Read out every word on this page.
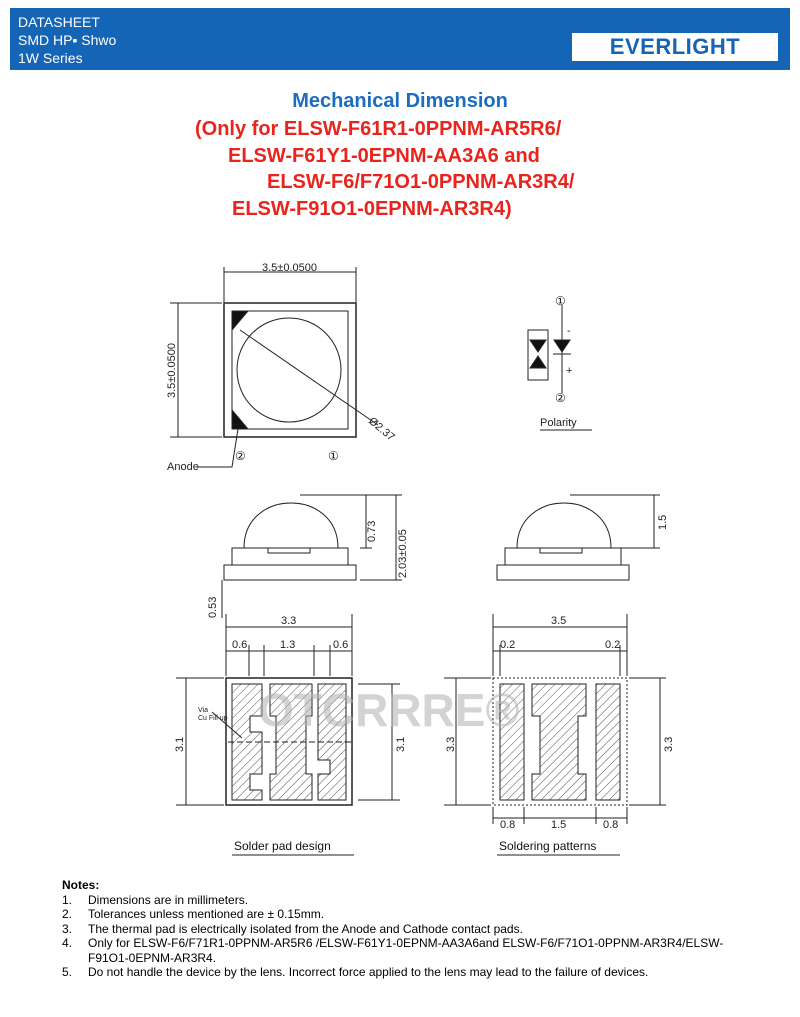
DATASHEET
SMD HP▪ Shwo
1W Series	EVERLIGHT
Mechanical Dimension
(Only for ELSW-F61R1-0PPNM-AR5R6/
ELSW-F61Y1-0EPNM-AA3A6 and
ELSW-F6/F71O1-0PPNM-AR3R4/
ELSW-F91O1-0EPNM-AR3R4)
3.5±0.0500
3.5±0.0500
Ø2.37
②	①
Anode
①
②
-
+
Polarity
0.73 2.03±0.05
0.53
1.5
3.3
0.6	1.3	0.6
3.1	3.1
Via
Cu Fill up
3.5
0.2	0.2
3.3	3.3
0.8	1.5	0.8
Solder pad design	Soldering patterns
OTCRRRE®
Notes:
1.	Dimensions are in millimeters.
2.	Tolerances unless mentioned are ± 0.15mm.
3.	The thermal pad is electrically isolated from the Anode and Cathode contact pads.
4.	Only for ELSW-F6/F71R1-0PPNM-AR5R6 /ELSW-F61Y1-0EPNM-AA3A6and ELSW-F6/F71O1-0PPNM-AR3R4/ELSW-F91O1-0EPNM-AR3R4.
5.	Do not handle the device by the lens. Incorrect force applied to the lens may lead to the failure of devices.
